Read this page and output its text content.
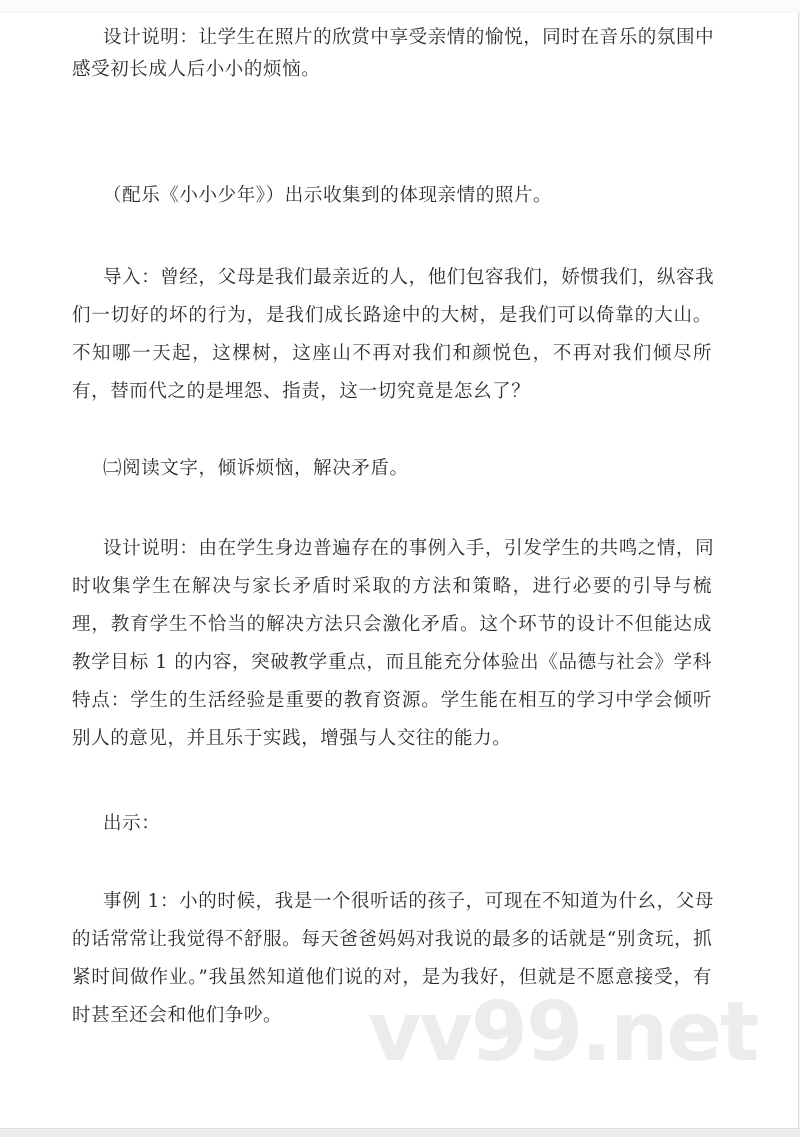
设计说明：让学生在照片的欣赏中享受亲情的愉悦，同时在音乐的氛围中
感受初长成人后小小的烦恼。
（配乐《小小少年》）出示收集到的体现亲情的照片。
导入：曾经，父母是我们最亲近的人，他们包容我们，娇惯我们，纵容我
们一切好的坏的行为，是我们成长路途中的大树，是我们可以倚靠的大山。
不知哪一天起，这棵树，这座山不再对我们和颜悦色，不再对我们倾尽所
有，替而代之的是埋怨、指责，这一切究竟是怎幺了？
㈡阅读文字，倾诉烦恼，解决矛盾。
设计说明：由在学生身边普遍存在的事例入手，引发学生的共鸣之情，同
时收集学生在解决与家长矛盾时采取的方法和策略，进行必要的引导与梳
理，教育学生不恰当的解决方法只会激化矛盾。这个环节的设计不但能达成
教学目标 1 的内容，突破教学重点，而且能充分体验出《品德与社会》学科
特点：学生的生活经验是重要的教育资源。学生能在相互的学习中学会倾听
别人的意见，并且乐于实践，增强与人交往的能力。
出示：
事例 1：小的时候，我是一个很听话的孩子，可现在不知道为什幺，父母
的话常常让我觉得不舒服。每天爸爸妈妈对我说的最多的话就是“别贪玩，抓
紧时间做作业。”我虽然知道他们说的对，是为我好，但就是不愿意接受，有
时甚至还会和他们争吵。	vv99.net
